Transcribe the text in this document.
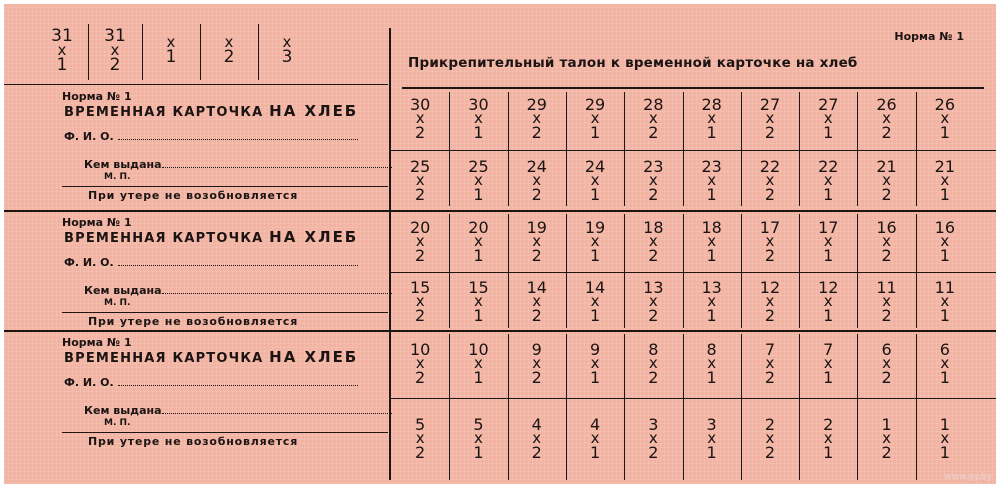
Норма № 1
Прикрепительный талон к временной карточке на хлеб
31
х
1
31
х
2
х
1
х
2
х
3
Норма № 1
ВРЕМЕННАЯ КАРТОЧКА НА ХЛЕБ
Ф. И. О.
Кем выдана
М. П.
При утере не возобновляется
Норма № 1
ВРЕМЕННАЯ КАРТОЧКА НА ХЛЕБ
Ф. И. О.
Кем выдана
М. П.
При утере не возобновляется
Норма № 1
ВРЕМЕННАЯ КАРТОЧКА НА ХЛЕБ
Ф. И. О.
Кем выдана
М. П.
При утере не возобновляется
30
х
2
30
х
1
29
х
2
29
х
1
28
х
2
28
х
1
27
х
2
27
х
1
26
х
2
26
х
1
25
х
2
25
х
1
24
х
2
24
х
1
23
х
2
23
х
1
22
х
2
22
х
1
21
х
2
21
х
1
20
х
2
20
х
1
19
х
2
19
х
1
18
х
2
18
х
1
17
х
2
17
х
1
16
х
2
16
х
1
15
х
2
15
х
1
14
х
2
14
х
1
13
х
2
13
х
1
12
х
2
12
х
1
11
х
2
11
х
1
10
х
2
10
х
1
9
х
2
9
х
1
8
х
2
8
х
1
7
х
2
7
х
1
6
х
2
6
х
1
5
х
2
5
х
1
4
х
2
4
х
1
3
х
2
3
х
1
2
х
2
2
х
1
1
х
2
1
х
1
www.ay.by
